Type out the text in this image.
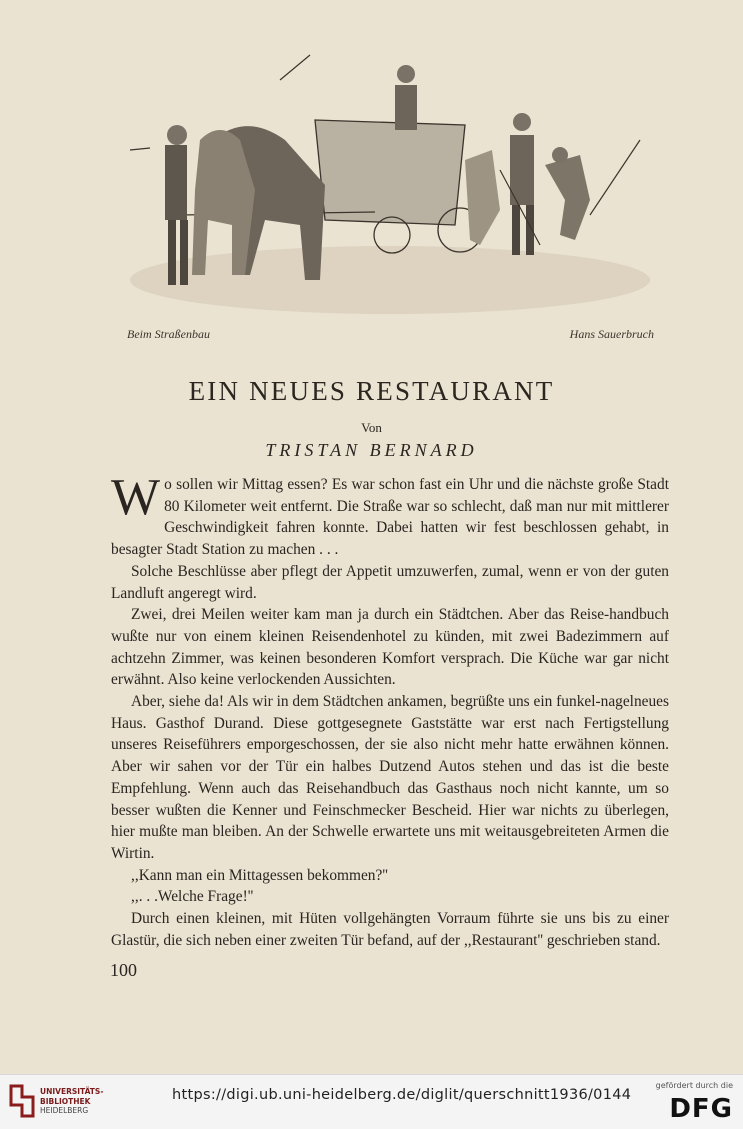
Beim Straßenbau	Hans Sauerbruch
EIN NEUES RESTAURANT
Von
TRISTAN BERNARD

Wo sollen wir Mittag essen? Es war schon fast ein Uhr und die nächste große Stadt 80 Kilometer weit entfernt. Die Straße war so schlecht, daß man nur mit mittlerer Geschwindigkeit fahren konnte. Dabei hatten wir fest beschlossen gehabt, in besagter Stadt Station zu machen . . .

Solche Beschlüsse aber pflegt der Appetit umzuwerfen, zumal, wenn er von der guten Landluft angeregt wird.

Zwei, drei Meilen weiter kam man ja durch ein Städtchen. Aber das Reise-handbuch wußte nur von einem kleinen Reisendenhotel zu künden, mit zwei Badezimmern auf achtzehn Zimmer, was keinen besonderen Komfort versprach. Die Küche war gar nicht erwähnt. Also keine verlockenden Aussichten.

Aber, siehe da! Als wir in dem Städtchen ankamen, begrüßte uns ein funkel-nagelneues Haus. Gasthof Durand. Diese gottgesegnete Gaststätte war erst nach Fertigstellung unseres Reiseführers emporgeschossen, der sie also nicht mehr hatte erwähnen können. Aber wir sahen vor der Tür ein halbes Dutzend Autos stehen und das ist die beste Empfehlung. Wenn auch das Reisehandbuch das Gasthaus noch nicht kannte, um so besser wußten die Kenner und Feinschmecker Bescheid. Hier war nichts zu überlegen, hier mußte man bleiben. An der Schwelle erwartete uns mit weitausgebreiteten Armen die Wirtin.

,,Kann man ein Mittagessen bekommen?''

,,. . .Welche Frage!''

Durch einen kleinen, mit Hüten vollgehängten Vorraum führte sie uns bis zu einer Glastür, die sich neben einer zweiten Tür befand, auf der ,,Restaurant'' geschrieben stand.

100
UNIVERSITÄTS-
BIBLIOTHEK
HEIDELBERG
https://digi.ub.uni-heidelberg.de/diglit/querschnitt1936/0144
gefördert durch die
DFG
